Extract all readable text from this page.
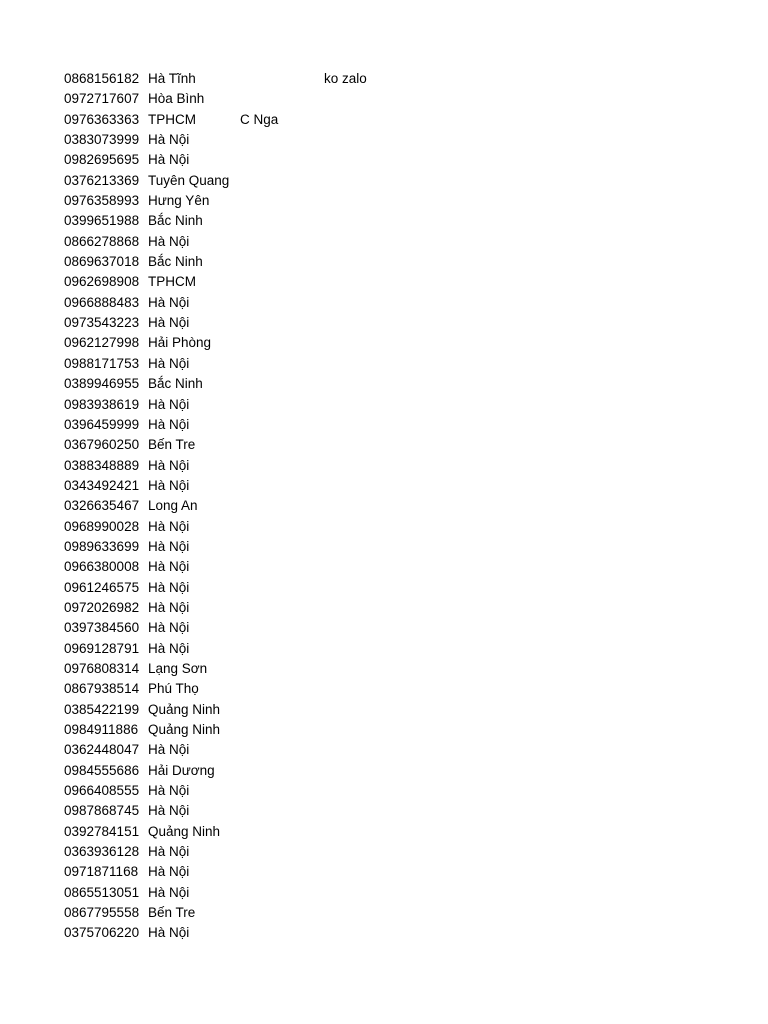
0868156182 Hà Tĩnh	ko zalo
0972717607 Hòa Bình
0976363363 TPHCM	C Nga
0383073999 Hà Nội
0982695695 Hà Nội
0376213369 Tuyên Quang
0976358993 Hưng Yên
0399651988 Bắc Ninh
0866278868 Hà Nội
0869637018 Bắc Ninh
0962698908 TPHCM
0966888483 Hà Nội
0973543223 Hà Nội
0962127998 Hải Phòng
0988171753 Hà Nội
0389946955 Bắc Ninh
0983938619 Hà Nội
0396459999 Hà Nội
0367960250 Bến Tre
0388348889 Hà Nội
0343492421 Hà Nội
0326635467 Long An
0968990028 Hà Nội
0989633699 Hà Nội
0966380008 Hà Nội
0961246575 Hà Nội
0972026982 Hà Nội
0397384560 Hà Nội
0969128791 Hà Nội
0976808314 Lạng Sơn
0867938514 Phú Thọ
0385422199 Quảng Ninh
0984911886 Quảng Ninh
0362448047 Hà Nội
0984555686 Hải Dương
0966408555 Hà Nội
0987868745 Hà Nội
0392784151 Quảng Ninh
0363936128 Hà Nội
0971871168 Hà Nội
0865513051 Hà Nội
0867795558 Bến Tre
0375706220 Hà Nội
